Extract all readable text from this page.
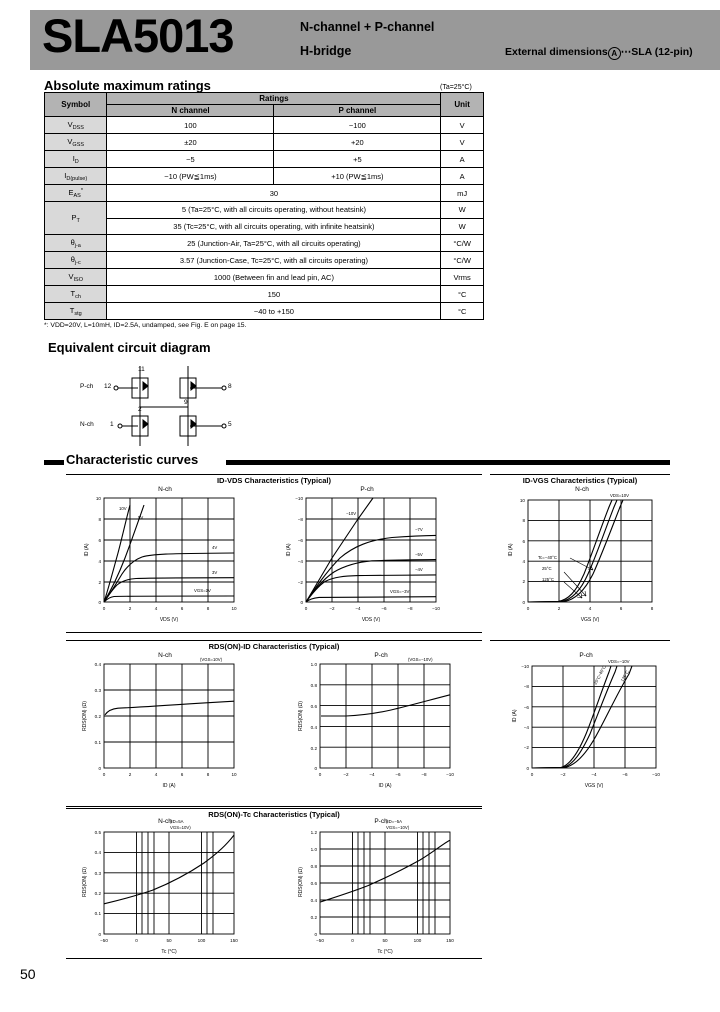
SLA5013	N-channel + P-channel
H-bridge	External dimensions A ⋯SLA (12-pin)
Absolute maximum ratings	(Ta=25°C)
Symbol	Ratings		Unit
	N channel	P channel	
$V_{DSS}$	100	−100	V
$V_{GSS}$	±20	+20	V
$I_D$	−5	+5	A
$I_{D(pulse)}$	−10 (PW≦1ms)	+10 (PW≦1ms)	A
$E_{AS}^*$	30		mJ
$P_T$	5 (Ta=25°C, with all circuits operating, without heatsink)		W
	35 (Tc=25°C, with all circuits operating, with infinite heatsink)		W
$\theta_{j-a}$	25 (Junction-Air, Ta=25°C, with all circuits operating)		°C/W
$\theta_{j-c}$	3.57 (Junction-Case, Tc=25°C, with all circuits operating)		°C/W
$V_{ISO}$	1000 (Between fin and lead pin, AC)		Vrms
$T_{ch}$	150		°C
$T_{stg}$	−40 to +150		°C
*: VDD=20V, L=10mH, ID=2.5A, undamped, see Fig. E on page 15.
Equivalent circuit diagram
P-ch 12
N-ch	1
8
5
9
11
2
Characteristic curves
ID-VDS Characteristics (Typical)	ID-VGS Characteristics (Typical)
N-ch
10
8
6
4
2
0
0	2	4	6	8	10
10V
5V
4V
3V
VGS=2V
ID (A)
VDS (V)
P-ch
−10
−8
−6
−4
−2
0
0	−2	−4	−6	−8	−10
−10V
−7V
−5V
−4V
VGS=−3V
ID (A)
VDS (V)
N-ch
10
8
6
4
2
0
0	2	4	6	8
VDS=10V
Tc=−40°C
25°C
125°C
ID (A)
VGS (V)
RDS(ON)-ID Characteristics (Typical)
N-ch
0.4
0.3
0.2
0.1
0
0	2	4	6	8	10
(VGS=10V)
RDS(ON) (Ω)
ID (A)
P-ch
1.0
0.8
0.6
0.4
0.2
0
0	−2	−4	−6	−8	−10
(VGS=−10V)
RDS(ON) (Ω)
ID (A)
P-ch
−10
−8
−6
−4
−2
0
0	−2	−4	−6	−10
VDS=−10V
−40°C
25°C	125°C
ID (A)
VGS (V)
RDS(ON)-Tc Characteristics (Typical)
N-ch
0.5
0.4
0.3
0.2
0.1
0
−50	0	50	100	150
(ID=5A
VGS=10V)
RDS(ON) (Ω)
Tc (°C)
P-ch
1.2
1.0
0.8
0.6
0.4
0.2
0
−50	0	50	100	150
(ID=−5A
VGS=−10V)
RDS(ON) (Ω)
Tc (°C)
50
